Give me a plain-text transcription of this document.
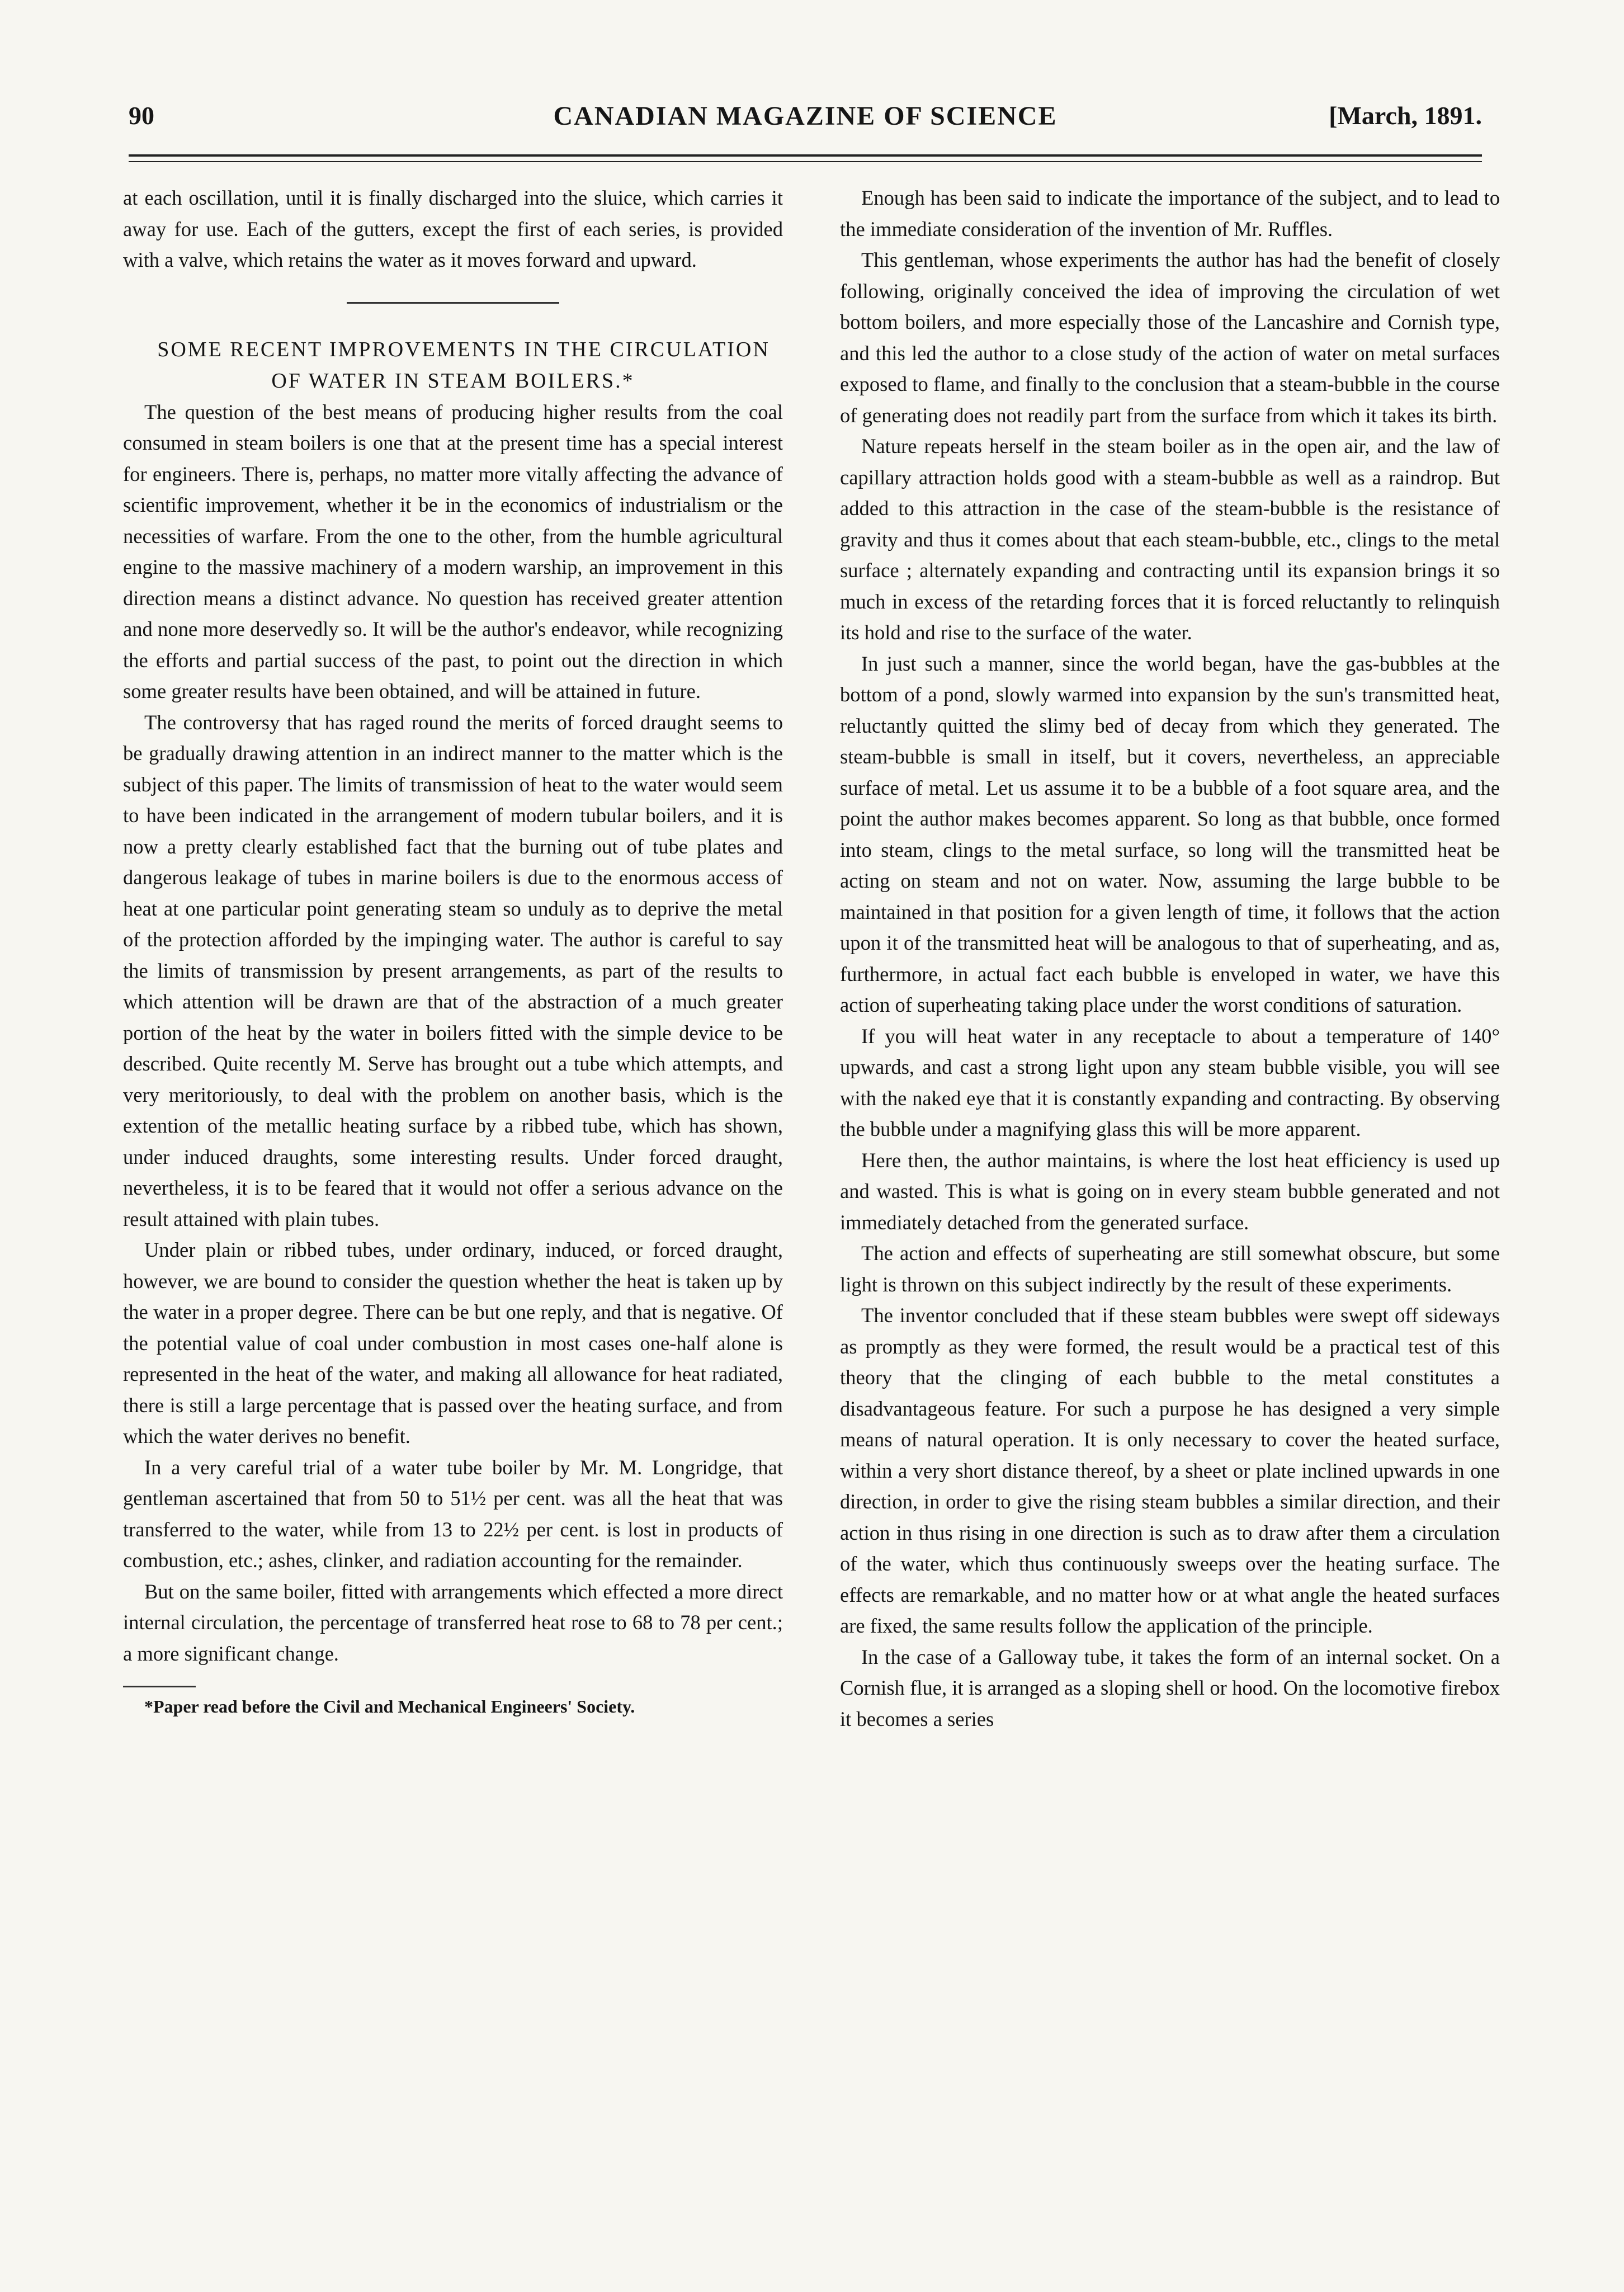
90	CANADIAN MAGAZINE OF SCIENCE	[March, 1891.

at each oscillation, until it is finally discharged into the sluice, which carries it away for use. Each of the gutters, except the first of each series, is provided with a valve, which retains the water as it moves forward and upward.

SOME RECENT IMPROVEMENTS IN THE CIRCULATION OF WATER IN STEAM BOILERS.*

The question of the best means of producing higher results from the coal consumed in steam boilers is one that at the present time has a special interest for engineers. There is, perhaps, no matter more vitally affecting the advance of scientific improvement, whether it be in the economics of industrialism or the necessities of warfare. From the one to the other, from the humble agricultural engine to the massive machinery of a modern warship, an improvement in this direction means a distinct advance. No question has received greater attention and none more deservedly so. It will be the author's endeavor, while recognizing the efforts and partial success of the past, to point out the direction in which some greater results have been obtained, and will be attained in future.

The controversy that has raged round the merits of forced draught seems to be gradually drawing attention in an indirect manner to the matter which is the subject of this paper. The limits of transmission of heat to the water would seem to have been indicated in the arrangement of modern tubular boilers, and it is now a pretty clearly established fact that the burning out of tube plates and dangerous leakage of tubes in marine boilers is due to the enormous access of heat at one particular point generating steam so unduly as to deprive the metal of the protection afforded by the impinging water. The author is careful to say the limits of transmission by present arrangements, as part of the results to which attention will be drawn are that of the abstraction of a much greater portion of the heat by the water in boilers fitted with the simple device to be described. Quite recently M. Serve has brought out a tube which attempts, and very meritoriously, to deal with the problem on another basis, which is the extention of the metallic heating surface by a ribbed tube, which has shown, under induced draughts, some interesting results. Under forced draught, nevertheless, it is to be feared that it would not offer a serious advance on the result attained with plain tubes.

Under plain or ribbed tubes, under ordinary, induced, or forced draught, however, we are bound to consider the question whether the heat is taken up by the water in a proper degree. There can be but one reply, and that is negative. Of the potential value of coal under combustion in most cases one-half alone is represented in the heat of the water, and making all allowance for heat radiated, there is still a large percentage that is passed over the heating surface, and from which the water derives no benefit.

In a very careful trial of a water tube boiler by Mr. M. Longridge, that gentleman ascertained that from 50 to 51½ per cent. was all the heat that was transferred to the water, while from 13 to 22½ per cent. is lost in products of combustion, etc.; ashes, clinker, and radiation accounting for the remainder.

But on the same boiler, fitted with arrangements which effected a more direct internal circulation, the percentage of transferred heat rose to 68 to 78 per cent.; a more significant change.

*Paper read before the Civil and Mechanical Engineers' Society.

Enough has been said to indicate the importance of the subject, and to lead to the immediate consideration of the invention of Mr. Ruffles.

This gentleman, whose experiments the author has had the benefit of closely following, originally conceived the idea of improving the circulation of wet bottom boilers, and more especially those of the Lancashire and Cornish type, and this led the author to a close study of the action of water on metal surfaces exposed to flame, and finally to the conclusion that a steam-bubble in the course of generating does not readily part from the surface from which it takes its birth.

Nature repeats herself in the steam boiler as in the open air, and the law of capillary attraction holds good with a steam-bubble as well as a raindrop. But added to this attraction in the case of the steam-bubble is the resistance of gravity and thus it comes about that each steam-bubble, etc., clings to the metal surface ; alternately expanding and contracting until its expansion brings it so much in excess of the retarding forces that it is forced reluctantly to relinquish its hold and rise to the surface of the water.

In just such a manner, since the world began, have the gas-bubbles at the bottom of a pond, slowly warmed into expansion by the sun's transmitted heat, reluctantly quitted the slimy bed of decay from which they generated. The steam-bubble is small in itself, but it covers, nevertheless, an appreciable surface of metal. Let us assume it to be a bubble of a foot square area, and the point the author makes becomes apparent. So long as that bubble, once formed into steam, clings to the metal surface, so long will the transmitted heat be acting on steam and not on water. Now, assuming the large bubble to be maintained in that position for a given length of time, it follows that the action upon it of the transmitted heat will be analogous to that of superheating, and as, furthermore, in actual fact each bubble is enveloped in water, we have this action of superheating taking place under the worst conditions of saturation.

If you will heat water in any receptacle to about a temperature of 140° upwards, and cast a strong light upon any steam bubble visible, you will see with the naked eye that it is constantly expanding and contracting. By observing the bubble under a magnifying glass this will be more apparent.

Here then, the author maintains, is where the lost heat efficiency is used up and wasted. This is what is going on in every steam bubble generated and not immediately detached from the generated surface.

The action and effects of superheating are still somewhat obscure, but some light is thrown on this subject indirectly by the result of these experiments.

The inventor concluded that if these steam bubbles were swept off sideways as promptly as they were formed, the result would be a practical test of this theory that the clinging of each bubble to the metal constitutes a disadvantageous feature. For such a purpose he has designed a very simple means of natural operation. It is only necessary to cover the heated surface, within a very short distance thereof, by a sheet or plate inclined upwards in one direction, in order to give the rising steam bubbles a similar direction, and their action in thus rising in one direction is such as to draw after them a circulation of the water, which thus continuously sweeps over the heating surface. The effects are remarkable, and no matter how or at what angle the heated surfaces are fixed, the same results follow the application of the principle.

In the case of a Galloway tube, it takes the form of an internal socket. On a Cornish flue, it is arranged as a sloping shell or hood. On the locomotive firebox it becomes a series
